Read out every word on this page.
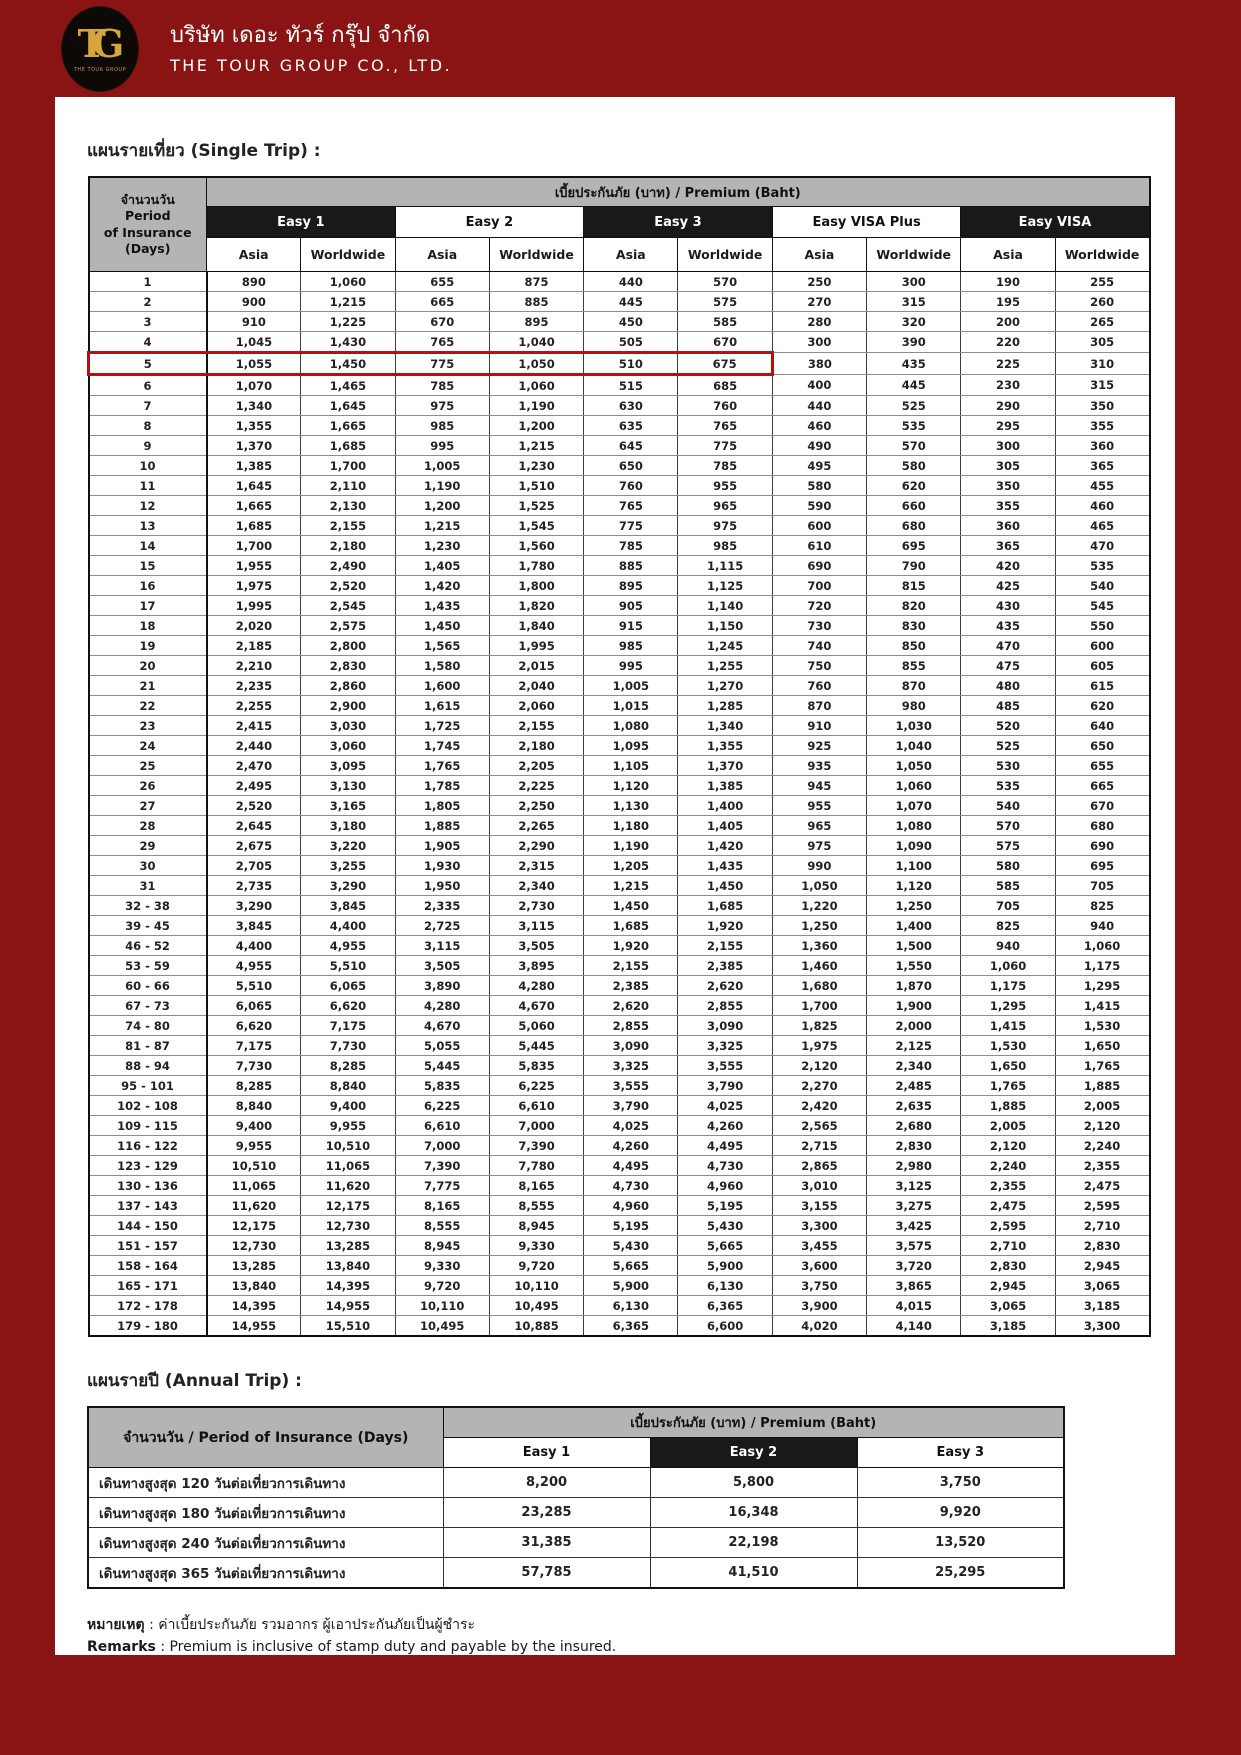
TG
THE TOUR GROUP
บริษัท เดอะ ทัวร์ กรุ๊ป จำกัด
THE TOUR GROUP CO., LTD.
แผนรายเที่ยว (Single Trip) :
จำนวนวัน
Period
of Insurance
(Days)	เบี้ยประกันภัย (บาท) / Premium (Baht)									
	Easy 1		Easy 2		Easy 3		Easy VISA Plus		Easy VISA	
	Asia	Worldwide	Asia	Worldwide	Asia	Worldwide	Asia	Worldwide	Asia	Worldwide
1	890	1,060	655	875	440	570	250	300	190	255
2	900	1,215	665	885	445	575	270	315	195	260
3	910	1,225	670	895	450	585	280	320	200	265
4	1,045	1,430	765	1,040	505	670	300	390	220	305
5	1,055	1,450	775	1,050	510	675	380	435	225	310
6	1,070	1,465	785	1,060	515	685	400	445	230	315
7	1,340	1,645	975	1,190	630	760	440	525	290	350
8	1,355	1,665	985	1,200	635	765	460	535	295	355
9	1,370	1,685	995	1,215	645	775	490	570	300	360
10	1,385	1,700	1,005	1,230	650	785	495	580	305	365
11	1,645	2,110	1,190	1,510	760	955	580	620	350	455
12	1,665	2,130	1,200	1,525	765	965	590	660	355	460
13	1,685	2,155	1,215	1,545	775	975	600	680	360	465
14	1,700	2,180	1,230	1,560	785	985	610	695	365	470
15	1,955	2,490	1,405	1,780	885	1,115	690	790	420	535
16	1,975	2,520	1,420	1,800	895	1,125	700	815	425	540
17	1,995	2,545	1,435	1,820	905	1,140	720	820	430	545
18	2,020	2,575	1,450	1,840	915	1,150	730	830	435	550
19	2,185	2,800	1,565	1,995	985	1,245	740	850	470	600
20	2,210	2,830	1,580	2,015	995	1,255	750	855	475	605
21	2,235	2,860	1,600	2,040	1,005	1,270	760	870	480	615
22	2,255	2,900	1,615	2,060	1,015	1,285	870	980	485	620
23	2,415	3,030	1,725	2,155	1,080	1,340	910	1,030	520	640
24	2,440	3,060	1,745	2,180	1,095	1,355	925	1,040	525	650
25	2,470	3,095	1,765	2,205	1,105	1,370	935	1,050	530	655
26	2,495	3,130	1,785	2,225	1,120	1,385	945	1,060	535	665
27	2,520	3,165	1,805	2,250	1,130	1,400	955	1,070	540	670
28	2,645	3,180	1,885	2,265	1,180	1,405	965	1,080	570	680
29	2,675	3,220	1,905	2,290	1,190	1,420	975	1,090	575	690
30	2,705	3,255	1,930	2,315	1,205	1,435	990	1,100	580	695
31	2,735	3,290	1,950	2,340	1,215	1,450	1,050	1,120	585	705
32 - 38	3,290	3,845	2,335	2,730	1,450	1,685	1,220	1,250	705	825
39 - 45	3,845	4,400	2,725	3,115	1,685	1,920	1,250	1,400	825	940
46 - 52	4,400	4,955	3,115	3,505	1,920	2,155	1,360	1,500	940	1,060
53 - 59	4,955	5,510	3,505	3,895	2,155	2,385	1,460	1,550	1,060	1,175
60 - 66	5,510	6,065	3,890	4,280	2,385	2,620	1,680	1,870	1,175	1,295
67 - 73	6,065	6,620	4,280	4,670	2,620	2,855	1,700	1,900	1,295	1,415
74 - 80	6,620	7,175	4,670	5,060	2,855	3,090	1,825	2,000	1,415	1,530
81 - 87	7,175	7,730	5,055	5,445	3,090	3,325	1,975	2,125	1,530	1,650
88 - 94	7,730	8,285	5,445	5,835	3,325	3,555	2,120	2,340	1,650	1,765
95 - 101	8,285	8,840	5,835	6,225	3,555	3,790	2,270	2,485	1,765	1,885
102 - 108	8,840	9,400	6,225	6,610	3,790	4,025	2,420	2,635	1,885	2,005
109 - 115	9,400	9,955	6,610	7,000	4,025	4,260	2,565	2,680	2,005	2,120
116 - 122	9,955	10,510	7,000	7,390	4,260	4,495	2,715	2,830	2,120	2,240
123 - 129	10,510	11,065	7,390	7,780	4,495	4,730	2,865	2,980	2,240	2,355
130 - 136	11,065	11,620	7,775	8,165	4,730	4,960	3,010	3,125	2,355	2,475
137 - 143	11,620	12,175	8,165	8,555	4,960	5,195	3,155	3,275	2,475	2,595
144 - 150	12,175	12,730	8,555	8,945	5,195	5,430	3,300	3,425	2,595	2,710
151 - 157	12,730	13,285	8,945	9,330	5,430	5,665	3,455	3,575	2,710	2,830
158 - 164	13,285	13,840	9,330	9,720	5,665	5,900	3,600	3,720	2,830	2,945
165 - 171	13,840	14,395	9,720	10,110	5,900	6,130	3,750	3,865	2,945	3,065
172 - 178	14,395	14,955	10,110	10,495	6,130	6,365	3,900	4,015	3,065	3,185
179 - 180	14,955	15,510	10,495	10,885	6,365	6,600	4,020	4,140	3,185	3,300
แผนรายปี (Annual Trip) :
จำนวนวัน / Period of Insurance (Days)	เบี้ยประกันภัย (บาท) / Premium (Baht)		
	Easy 1	Easy 2	Easy 3
เดินทางสูงสุด 120 วันต่อเที่ยวการเดินทาง	8,200	5,800	3,750
เดินทางสูงสุด 180 วันต่อเที่ยวการเดินทาง	23,285	16,348	9,920
เดินทางสูงสุด 240 วันต่อเที่ยวการเดินทาง	31,385	22,198	13,520
เดินทางสูงสุด 365 วันต่อเที่ยวการเดินทาง	57,785	41,510	25,295
หมายเหตุ : ค่าเบี้ยประกันภัย รวมอากร ผู้เอาประกันภัยเป็นผู้ชำระ
Remarks : Premium is inclusive of stamp duty and payable by the insured.
